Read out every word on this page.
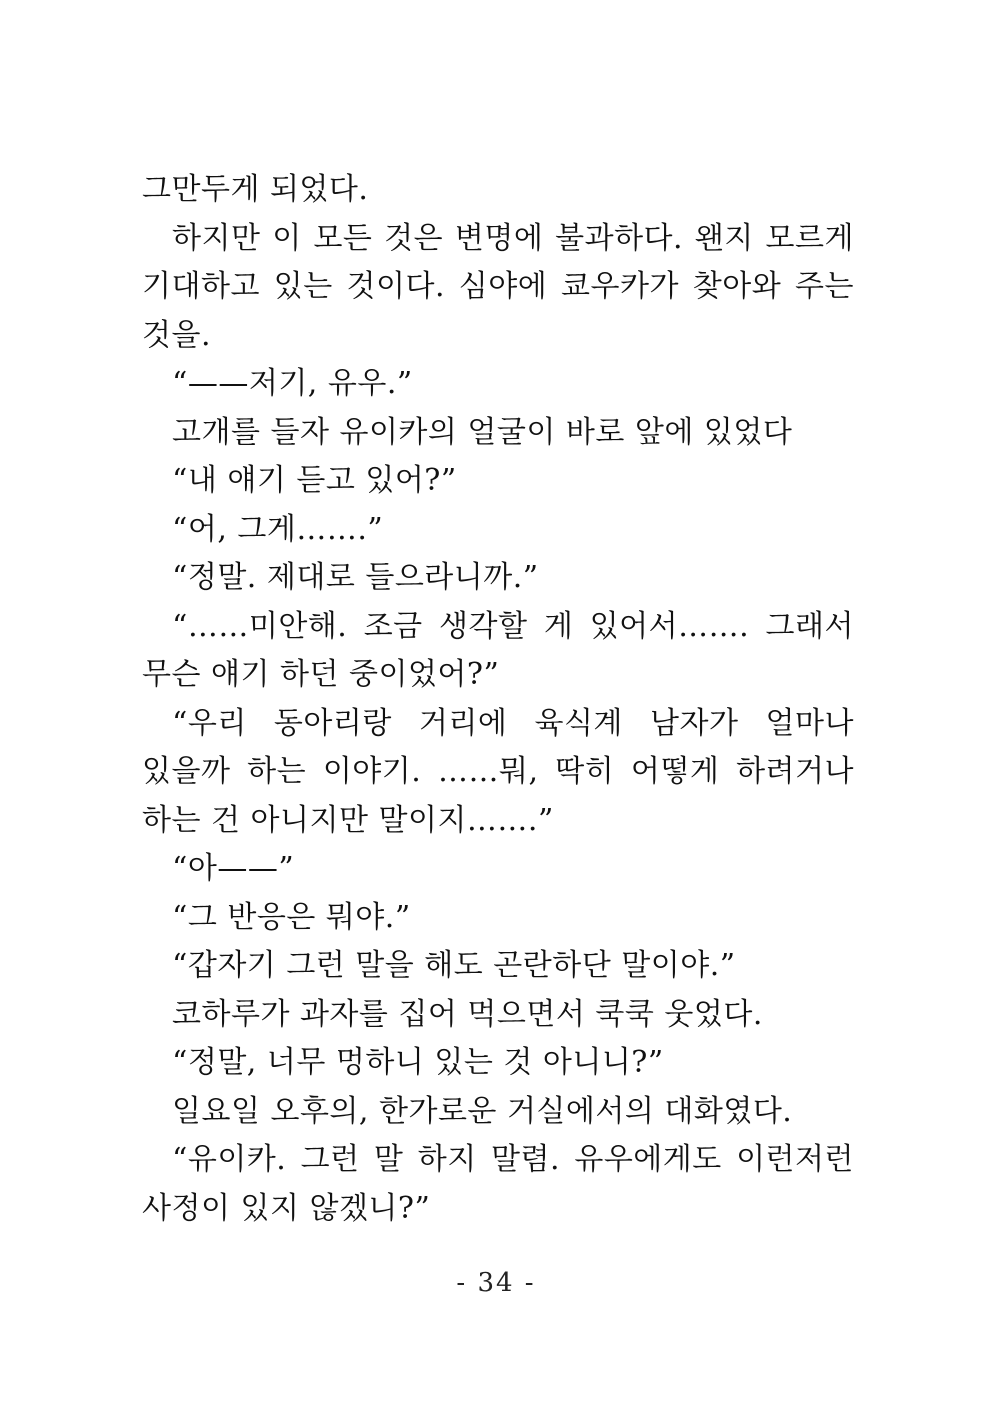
그만두게 되었다.

하지만 이 모든 것은 변명에 불과하다. 왠지 모르게 기대하고 있는 것이다. 심야에 쿄우카가 찾아와 주는 것을.

“——저기, 유우.”

고개를 들자 유이카의 얼굴이 바로 앞에 있었다

“내 얘기 듣고 있어?”

“어, 그게…….”

“정말. 제대로 들으라니까.”

“……미안해. 조금 생각할 게 있어서……. 그래서 무슨 얘기 하던 중이었어?”

“우리 동아리랑 거리에 육식계 남자가 얼마나 있을까 하는 이야기. ……뭐, 딱히 어떻게 하려거나 하는 건 아니지만 말이지…….”

“아——”

“그 반응은 뭐야.”

“갑자기 그런 말을 해도 곤란하단 말이야.”

코하루가 과자를 집어 먹으면서 쿡쿡 웃었다.

“정말, 너무 멍하니 있는 것 아니니?”

일요일 오후의, 한가로운 거실에서의 대화였다.

“유이카. 그런 말 하지 말렴. 유우에게도 이런저런 사정이 있지 않겠니?”

- 34 -
